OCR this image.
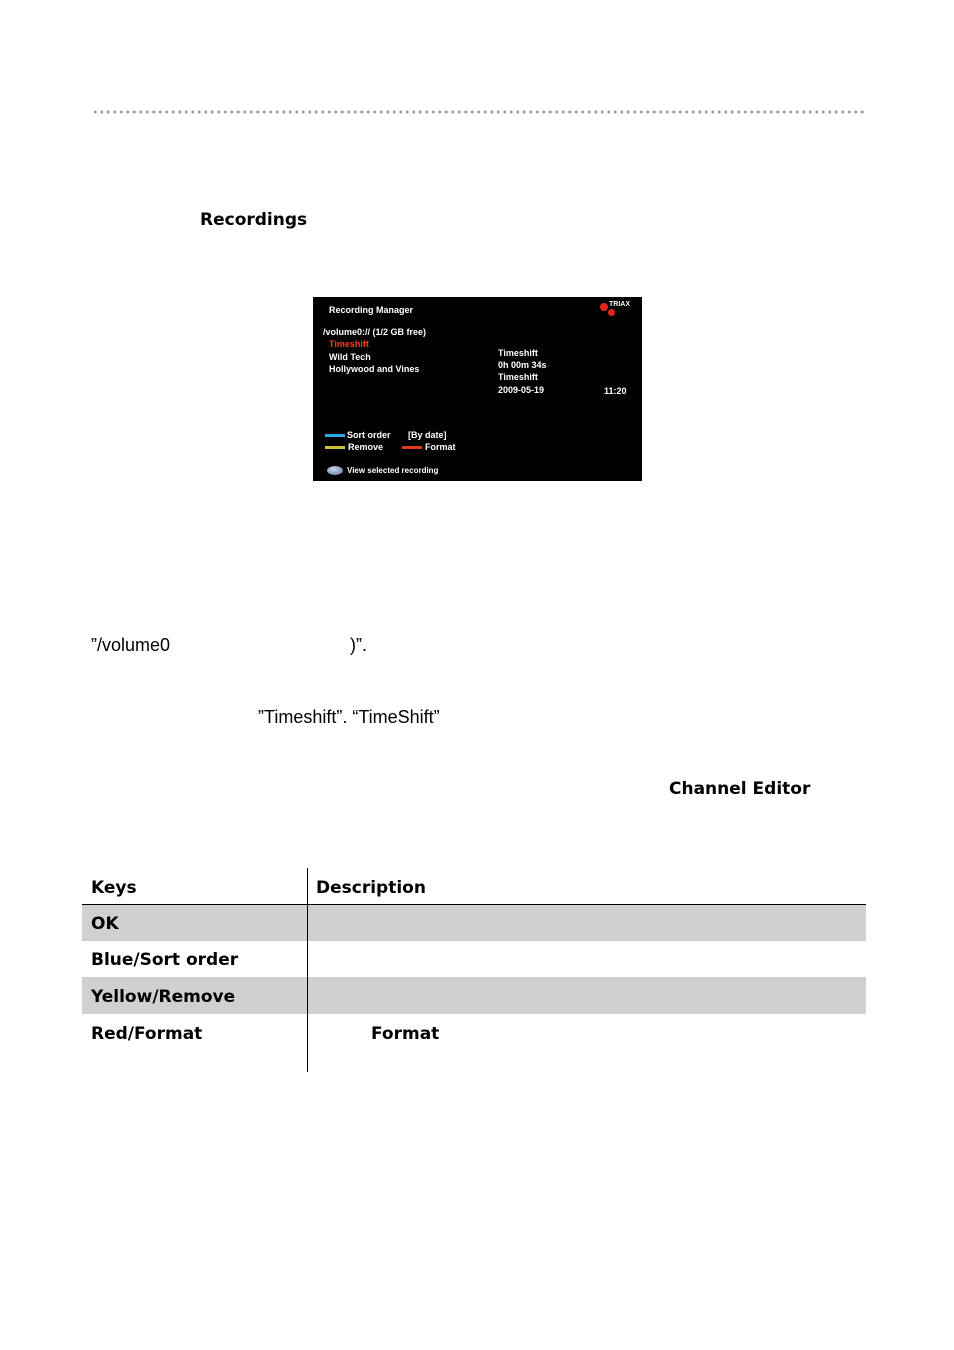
Recordings
Recording Manager
TRIAX
/volume0:// (1/2 GB free)
Timeshift
Wild Tech
Hollywood and Vines
Timeshift
0h 00m 34s
Timeshift
2009-05-19	11:20
Sort order [By date]
Remove	Format
View selected recording
”/volume0	)”.
”Timeshift”. “TimeShift”
Channel Editor
Keys	Description
OK
Blue/Sort order
Yellow/Remove
Red/Format	Format
